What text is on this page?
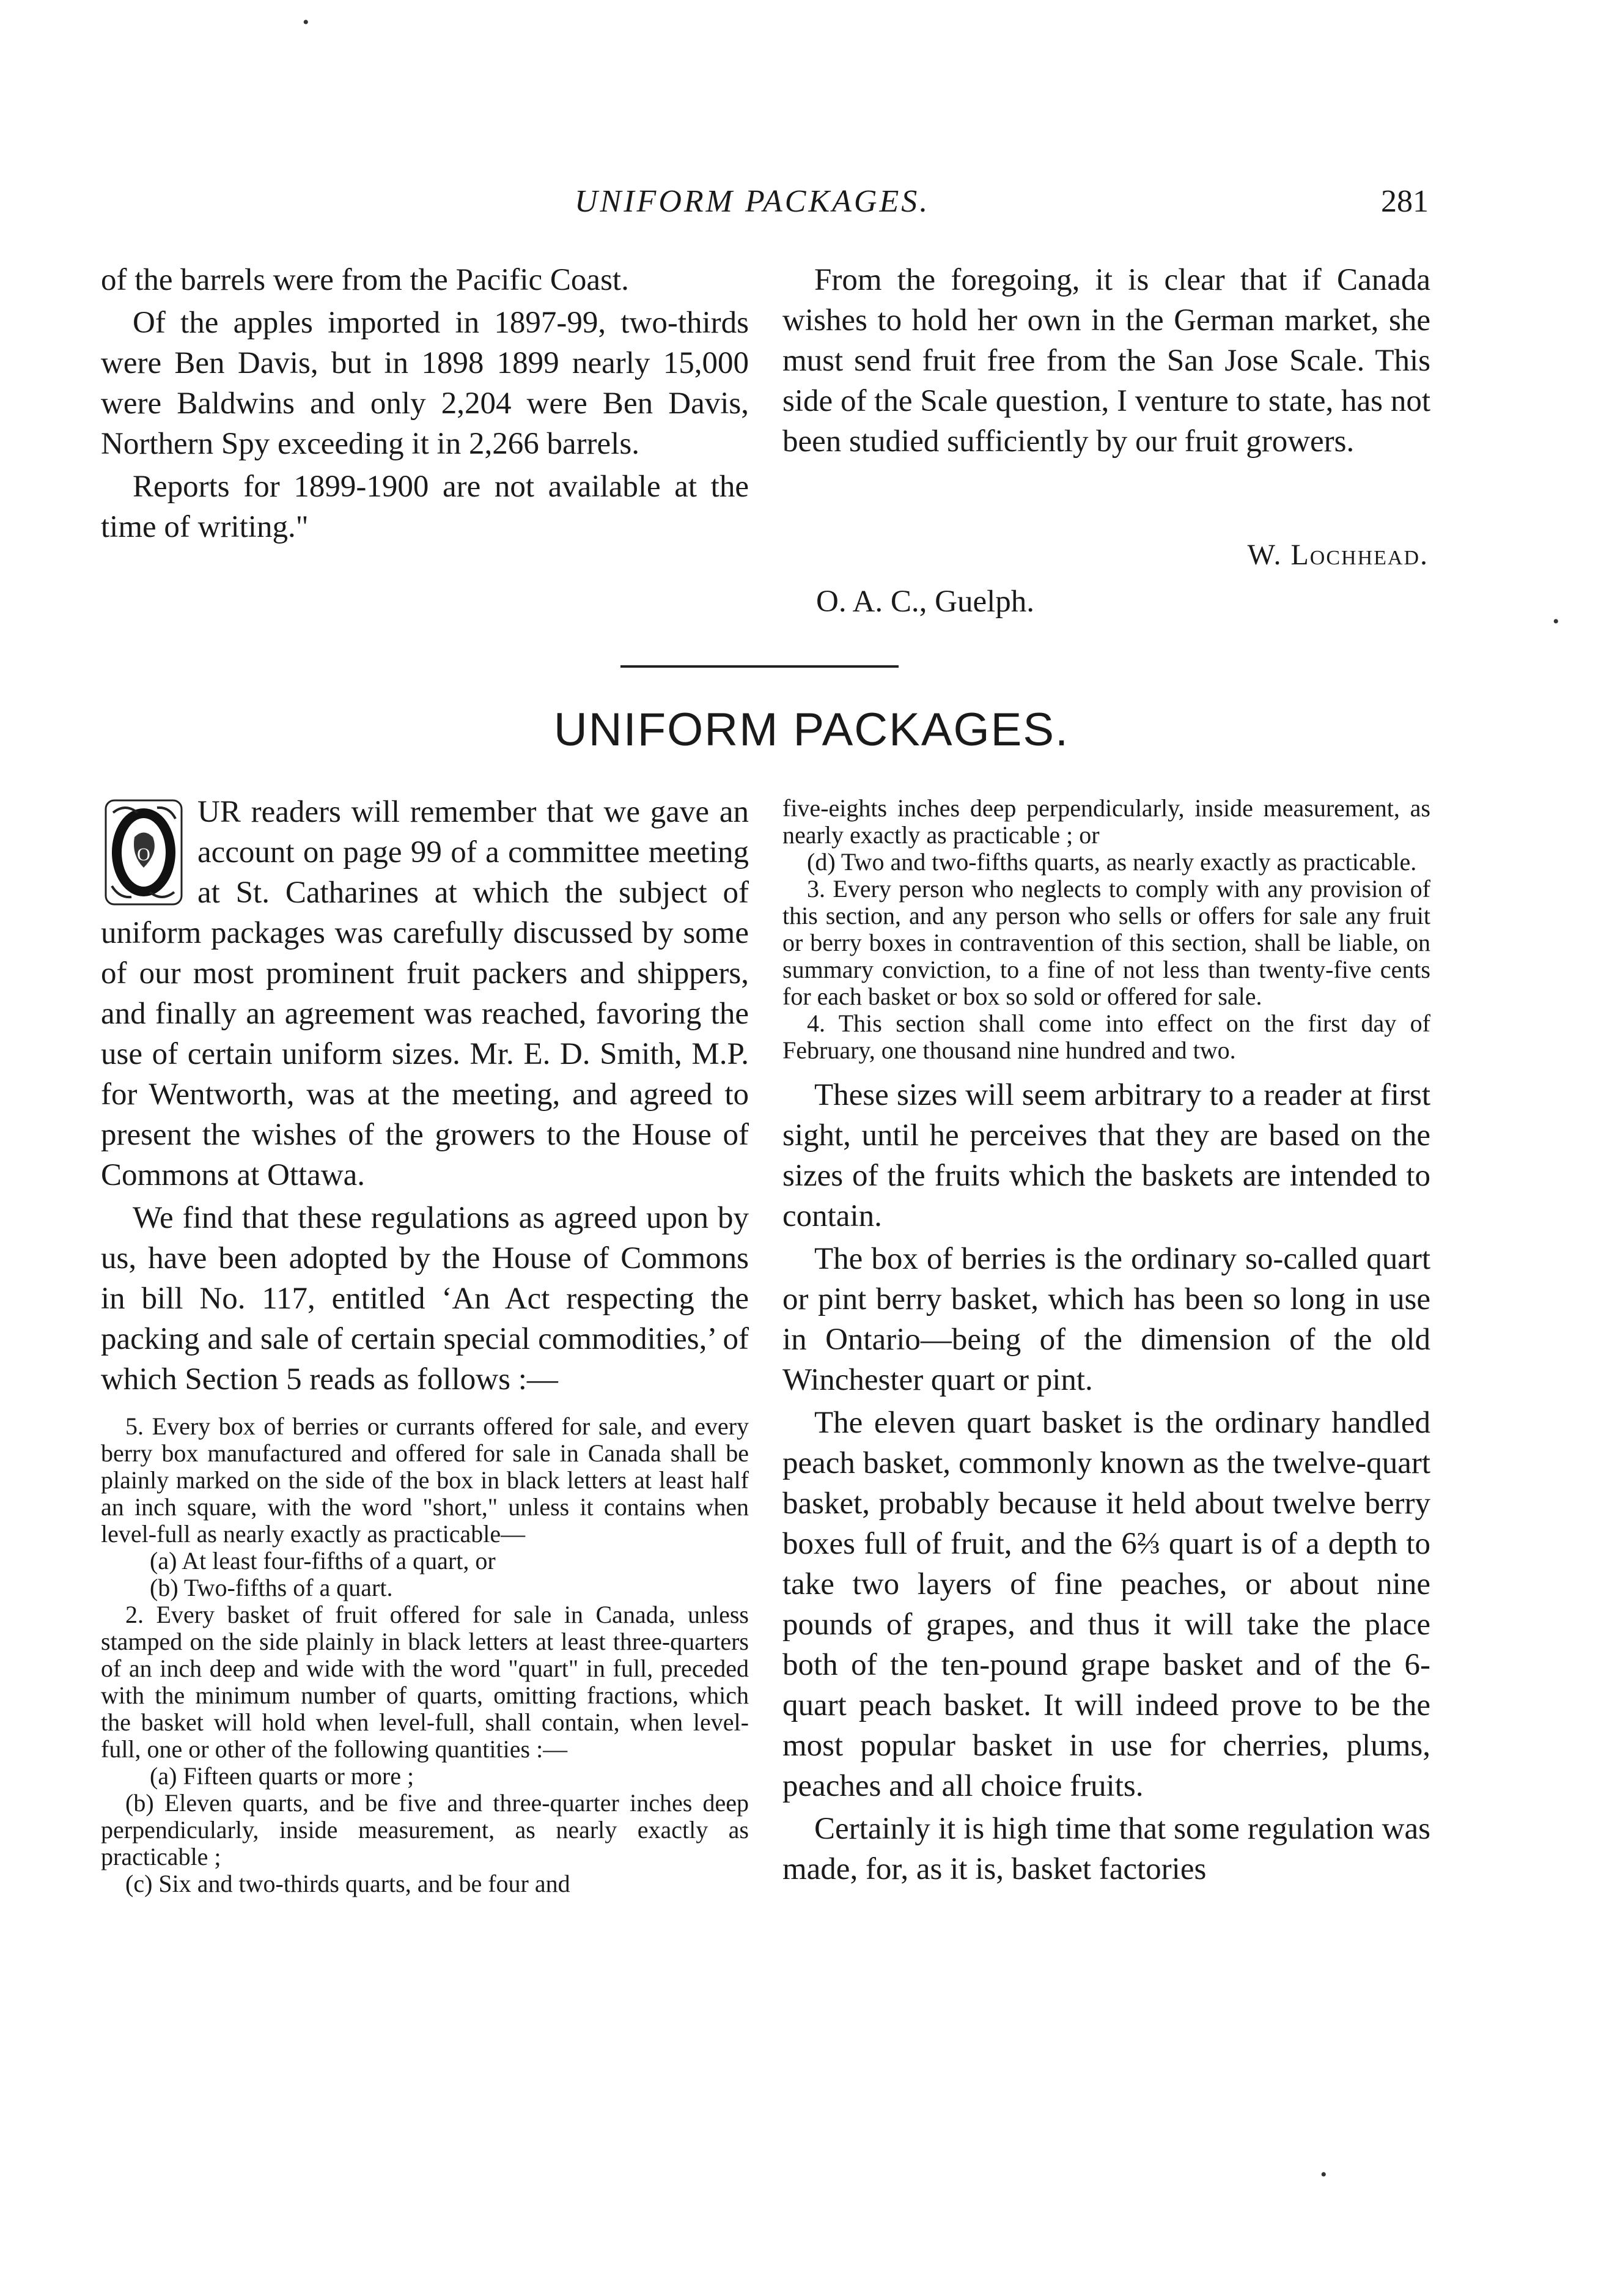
UNIFORM PACKAGES.	281

of the barrels were from the Pacific Coast.

Of the apples imported in 1897-99, two-thirds were Ben Davis, but in 1898 1899 nearly 15,000 were Baldwins and only 2,204 were Ben Davis, Northern Spy exceeding it in 2,266 barrels.

Reports for 1899-1900 are not available at the time of writing."

From the foregoing, it is clear that if Canada wishes to hold her own in the German market, she must send fruit free from the San Jose Scale. This side of the Scale question, I venture to state, has not been studied sufficiently by our fruit growers.

W. Lochhead.
O. A. C., Guelph.
UNIFORM PACKAGES.
O

UR readers will remember that we gave an account on page 99 of a committee meeting at St. Catharines at which the subject of uniform packages was carefully discussed by some of our most prominent fruit packers and shippers, and finally an agreement was reached, favoring the use of certain uniform sizes. Mr. E. D. Smith, M.P. for Wentworth, was at the meeting, and agreed to present the wishes of the growers to the House of Commons at Ottawa.

We find that these regulations as agreed upon by us, have been adopted by the House of Commons in bill No. 117, entitled ‘An Act respecting the packing and sale of certain special commodities,’ of which Section 5 reads as follows :—

5. Every box of berries or currants offered for sale, and every berry box manufactured and offered for sale in Canada shall be plainly marked on the side of the box in black letters at least half an inch square, with the word "short," unless it contains when level-full as nearly exactly as practicable—

(a) At least four-fifths of a quart, or

(b) Two-fifths of a quart.

2. Every basket of fruit offered for sale in Canada, unless stamped on the side plainly in black letters at least three-quarters of an inch deep and wide with the word "quart" in full, preceded with the minimum number of quarts, omitting fractions, which the basket will hold when level-full, shall contain, when level-full, one or other of the following quantities :—

(a) Fifteen quarts or more ;

(b) Eleven quarts, and be five and three-quarter inches deep perpendicularly, inside measurement, as nearly exactly as practicable ;

(c) Six and two-thirds quarts, and be four and

five-eights inches deep perpendicularly, inside measurement, as nearly exactly as practicable ; or

(d) Two and two-fifths quarts, as nearly exactly as practicable.

3. Every person who neglects to comply with any provision of this section, and any person who sells or offers for sale any fruit or berry boxes in contravention of this section, shall be liable, on summary conviction, to a fine of not less than twenty-five cents for each basket or box so sold or offered for sale.

4. This section shall come into effect on the first day of February, one thousand nine hundred and two.

These sizes will seem arbitrary to a reader at first sight, until he perceives that they are based on the sizes of the fruits which the baskets are intended to contain.

The box of berries is the ordinary so-called quart or pint berry basket, which has been so long in use in Ontario—being of the dimension of the old Winchester quart or pint.

The eleven quart basket is the ordinary handled peach basket, commonly known as the twelve-quart basket, probably because it held about twelve berry boxes full of fruit, and the 6⅔ quart is of a depth to take two layers of fine peaches, or about nine pounds of grapes, and thus it will take the place both of the ten-pound grape basket and of the 6-quart peach basket. It will indeed prove to be the most popular basket in use for cherries, plums, peaches and all choice fruits.

Certainly it is high time that some regulation was made, for, as it is, basket factories

•
•
•
